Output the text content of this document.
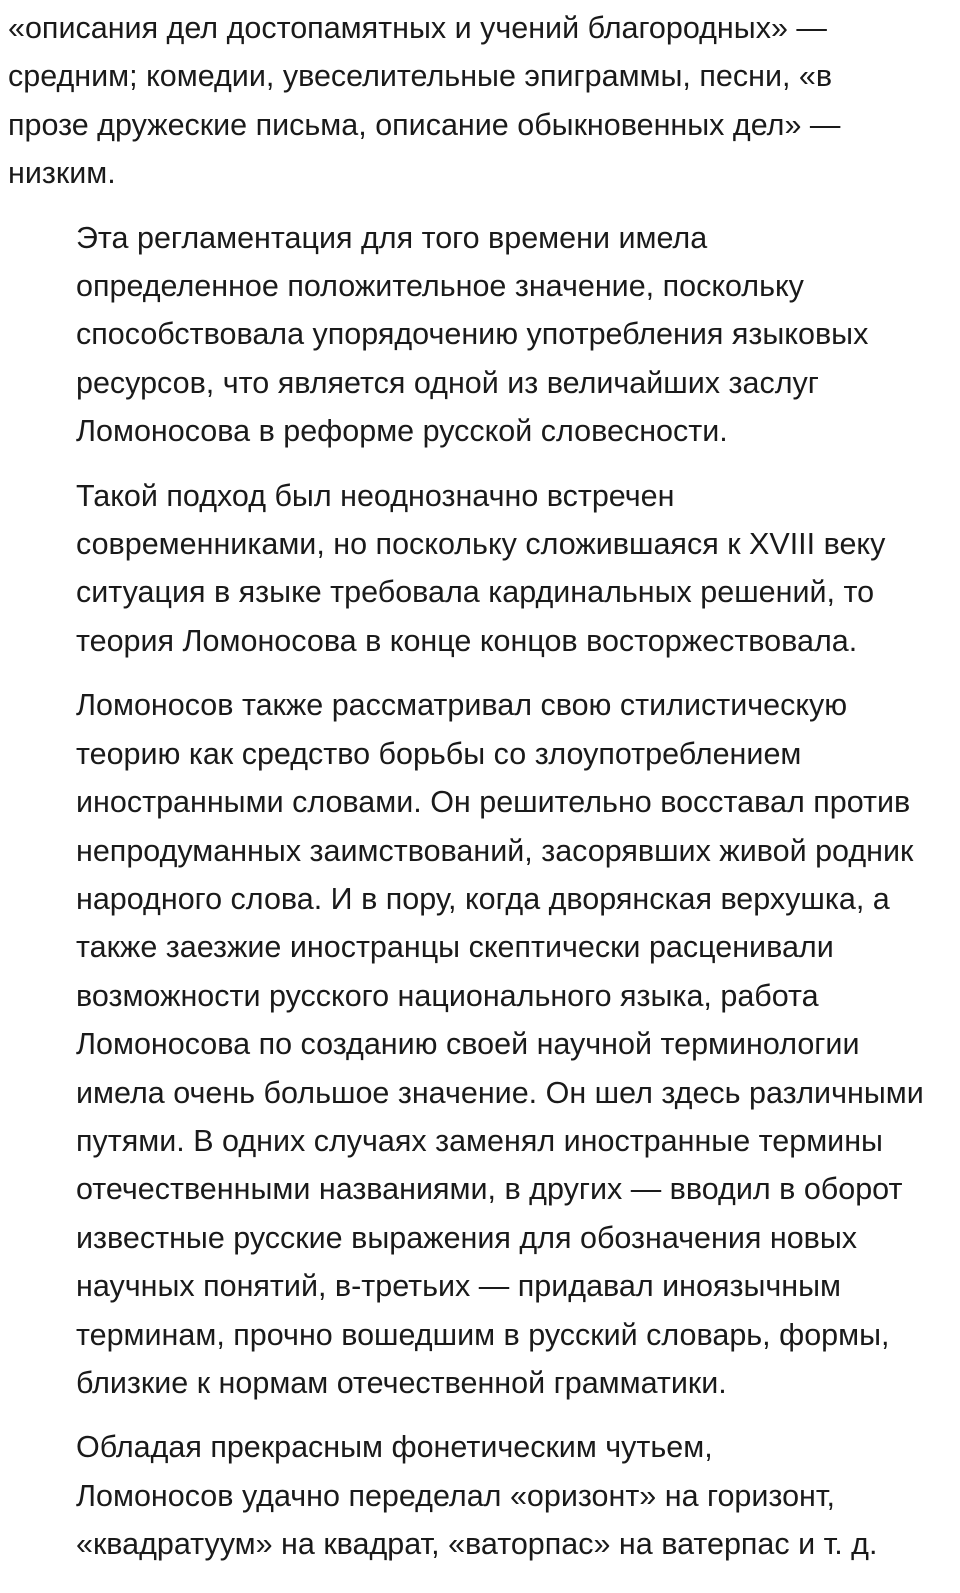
«описания дел достопамятных и учений благородных» —
средним; комедии, увеселительные эпиграммы, песни, «в
прозе дружеские письма, описание обыкновенных дел» —
низким.
Эта регламентация для того времени имела
определенное положительное значение, поскольку
способствовала упорядочению употребления языковых
ресурсов, что является одной из величайших заслуг
Ломоносова в реформе русской словесности.
Такой подход был неоднозначно встречен
современниками, но поскольку сложившаяся к XVIII веку
ситуация в языке требовала кардинальных решений, то
теория Ломоносова в конце концов восторжествовала.
Ломоносов также рассматривал свою стилистическую
теорию как средство борьбы со злоупотреблением
иностранными словами. Он решительно восставал против
непродуманных заимствований, засорявших живой родник
народного слова. И в пору, когда дворянская верхушка, а
также заезжие иностранцы скептически расценивали
возможности русского национального языка, работа
Ломоносова по созданию своей научной терминологии
имела очень большое значение. Он шел здесь различными
путями. В одних случаях заменял иностранные термины
отечественными названиями, в других — вводил в оборот
известные русские выражения для обозначения новых
научных понятий, в-третьих — придавал иноязычным
терминам, прочно вошедшим в русский словарь, формы,
близкие к нормам отечественной грамматики.
Обладая прекрасным фонетическим чутьем,
Ломоносов удачно переделал «оризонт» на горизонт,
«квадратуум» на квадрат, «ваторпас» на ватерпас и т. д.
